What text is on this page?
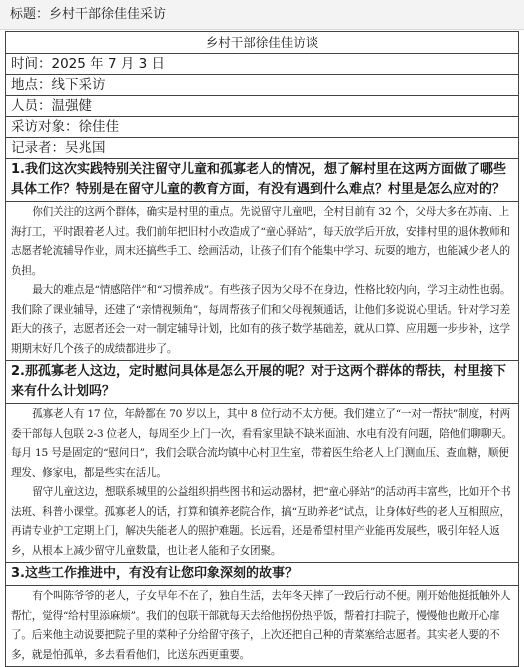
标题：乡村干部徐佳佳采访
乡村干部徐佳佳访谈
时间：2025 年 7 月 3 日
地点：线下采访
人员：温强健
采访对象：徐佳佳
记录者：吴兆国
1.我们这次实践特别关注留守儿童和孤寡老人的情况，想了解村里在这两方面做了哪些具体工作？特别是在留守儿童的教育方面，有没有遇到什么难点？村里是怎么应对的？

你们关注的这两个群体，确实是村里的重点。先说留守儿童吧，全村目前有 32 个，父母大多在苏南、上海打工，平时跟着老人过。我们前年把旧村小改造成了“童心驿站”，每天放学后开放，安排村里的退休教师和志愿者轮流辅导作业，周末还搞些手工、绘画活动，让孩子们有个能集中学习、玩耍的地方，也能减少老人的负担。

最大的难点是“情感陪伴”和“习惯养成”。有些孩子因为父母不在身边，性格比较内向，学习主动性也弱。我们除了课业辅导，还建了“亲情视频角”，每周帮孩子们和父母视频通话，让他们多说说心里话。针对学习差距大的孩子，志愿者还会一对一制定辅导计划，比如有的孩子数学基础差，就从口算、应用题一步步补，这学期期末好几个孩子的成绩都进步了。

2.那孤寡老人这边，定时慰问具体是怎么开展的呢？对于这两个群体的帮扶，村里接下来有什么计划吗？

孤寡老人有 17 位，年龄都在 70 岁以上，其中 8 位行动不太方便。我们建立了“一对一帮扶”制度，村两委干部每人包联 2-3 位老人，每周至少上门一次，看看家里缺不缺米面油、水电有没有问题，陪他们聊聊天。每月 15 号是固定的“慰问日”，我们会联合流均镇中心村卫生室，带着医生给老人上门测血压、查血糖，顺便理发、修家电，都是些实在活儿。

留守儿童这边，想联系城里的公益组织捐些图书和运动器材，把“童心驿站”的活动再丰富些，比如开个书法班、科普小课堂。孤寡老人的话，打算和镇养老院合作，搞“互助养老”试点，让身体好些的老人互相照应，再请专业护工定期上门，解决失能老人的照护难题。长远看，还是希望村里产业能再发展些，吸引年轻人返乡，从根本上减少留守儿童数量，也让老人能和子女团聚。

3.这些工作推进中，有没有让您印象深刻的故事？

有个叫陈爷爷的老人，子女早年不在了，独自生活，去年冬天摔了一跤后行动不便。刚开始他挺抵触外人帮忙，觉得“给村里添麻烦”。我们的包联干部就每天去给他拐份热乎饭，帮着打扫院子，慢慢他也敞开心扉了。后来他主动说要把院子里的菜种子分给留守孩子，上次还把自己种的青菜塞给志愿者。其实老人要的不多，就是怕孤单，多去看看他们，比送东西更重要。
